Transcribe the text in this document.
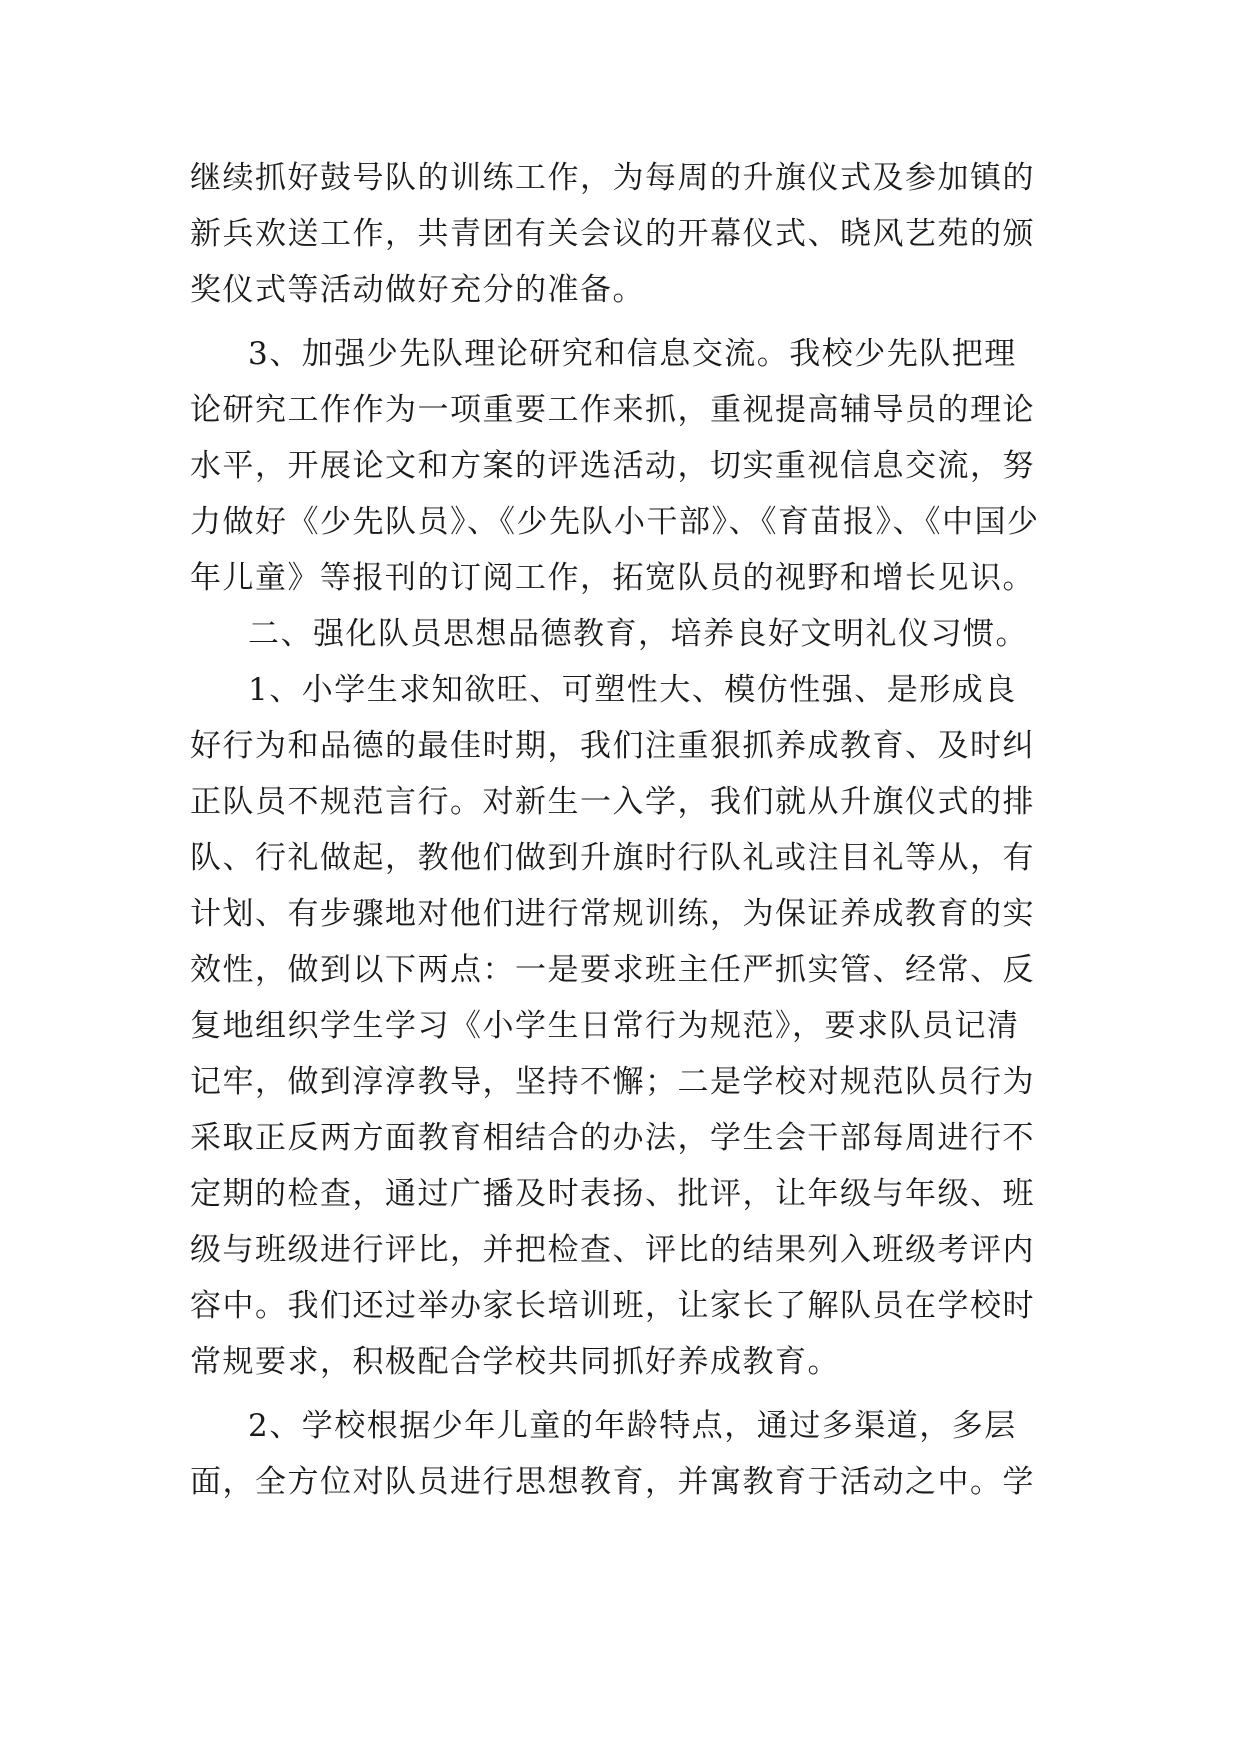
继续抓好鼓号队的训练工作，为每周的升旗仪式及参加镇的
新兵欢送工作，共青团有关会议的开幕仪式、晓风艺苑的颁
奖仪式等活动做好充分的准备。
3、加强少先队理论研究和信息交流。我校少先队把理
论研究工作作为一项重要工作来抓，重视提高辅导员的理论
水平，开展论文和方案的评选活动，切实重视信息交流，努
力做好《少先队员》、《少先队小干部》、《育苗报》、《中国少
年儿童》等报刊的订阅工作，拓宽队员的视野和增长见识。
二、强化队员思想品德教育，培养良好文明礼仪习惯。
1、小学生求知欲旺、可塑性大、模仿性强、是形成良
好行为和品德的最佳时期，我们注重狠抓养成教育、及时纠
正队员不规范言行。对新生一入学，我们就从升旗仪式的排
队、行礼做起，教他们做到升旗时行队礼或注目礼等从，有
计划、有步骤地对他们进行常规训练，为保证养成教育的实
效性，做到以下两点：一是要求班主任严抓实管、经常、反
复地组织学生学习《小学生日常行为规范》，要求队员记清
记牢，做到淳淳教导，坚持不懈；二是学校对规范队员行为
采取正反两方面教育相结合的办法，学生会干部每周进行不
定期的检查，通过广播及时表扬、批评，让年级与年级、班
级与班级进行评比，并把检查、评比的结果列入班级考评内
容中。我们还过举办家长培训班，让家长了解队员在学校时
常规要求，积极配合学校共同抓好养成教育。
2、学校根据少年儿童的年龄特点，通过多渠道，多层
面，全方位对队员进行思想教育，并寓教育于活动之中。学
